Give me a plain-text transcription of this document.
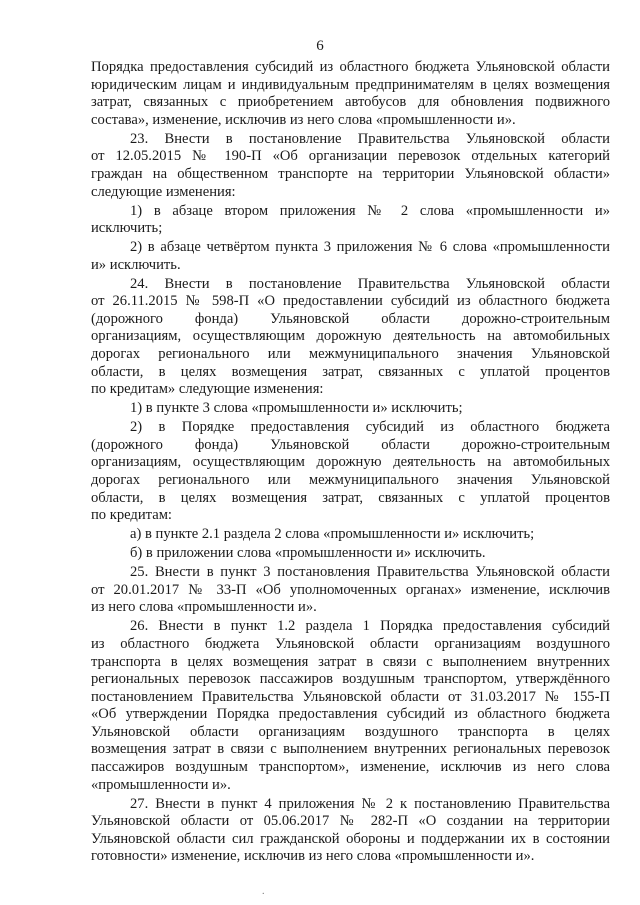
6
Порядка предоставления субсидий из областного бюджета Ульяновской области
юридическим лицам и индивидуальным предпринимателям в целях возмещения
затрат, связанных с приобретением автобусов для обновления подвижного
состава», изменение, исключив из него слова «промышленности и».
23. Внести в постановление Правительства Ульяновской области
от 12.05.2015 № 190-П «Об организации перевозок отдельных категорий
граждан на общественном транспорте на территории Ульяновской области»
следующие изменения:
1) в абзаце втором приложения № 2 слова «промышленности и»
исключить;
2) в абзаце четвёртом пункта 3 приложения № 6 слова «промышленности
и» исключить.
24. Внести в постановление Правительства Ульяновской области
от 26.11.2015 № 598-П «О предоставлении субсидий из областного бюджета
(дорожного фонда) Ульяновской области дорожно-строительным
организациям, осуществляющим дорожную деятельность на автомобильных
дорогах регионального или межмуниципального значения Ульяновской
области, в целях возмещения затрат, связанных с уплатой процентов
по кредитам» следующие изменения:
1) в пункте 3 слова «промышленности и» исключить;
2) в Порядке предоставления субсидий из областного бюджета
(дорожного фонда) Ульяновской области дорожно-строительным
организациям, осуществляющим дорожную деятельность на автомобильных
дорогах регионального или межмуниципального значения Ульяновской
области, в целях возмещения затрат, связанных с уплатой процентов
по кредитам:
а) в пункте 2.1 раздела 2 слова «промышленности и» исключить;
б) в приложении слова «промышленности и» исключить.
25. Внести в пункт 3 постановления Правительства Ульяновской области
от 20.01.2017 № 33-П «Об уполномоченных органах» изменение, исключив
из него слова «промышленности и».
26. Внести в пункт 1.2 раздела 1 Порядка предоставления субсидий
из областного бюджета Ульяновской области организациям воздушного
транспорта в целях возмещения затрат в связи с выполнением внутренних
региональных перевозок пассажиров воздушным транспортом, утверждённого
постановлением Правительства Ульяновской области от 31.03.2017 № 155-П
«Об утверждении Порядка предоставления субсидий из областного бюджета
Ульяновской области организациям воздушного транспорта в целях
возмещения затрат в связи с выполнением внутренних региональных перевозок
пассажиров воздушным транспортом», изменение, исключив из него слова
«промышленности и».
27. Внести в пункт 4 приложения № 2 к постановлению Правительства
Ульяновской области от 05.06.2017 № 282-П «О создании на территории
Ульяновской области сил гражданской обороны и поддержании их в состоянии
готовности» изменение, исключив из него слова «промышленности и».
.
